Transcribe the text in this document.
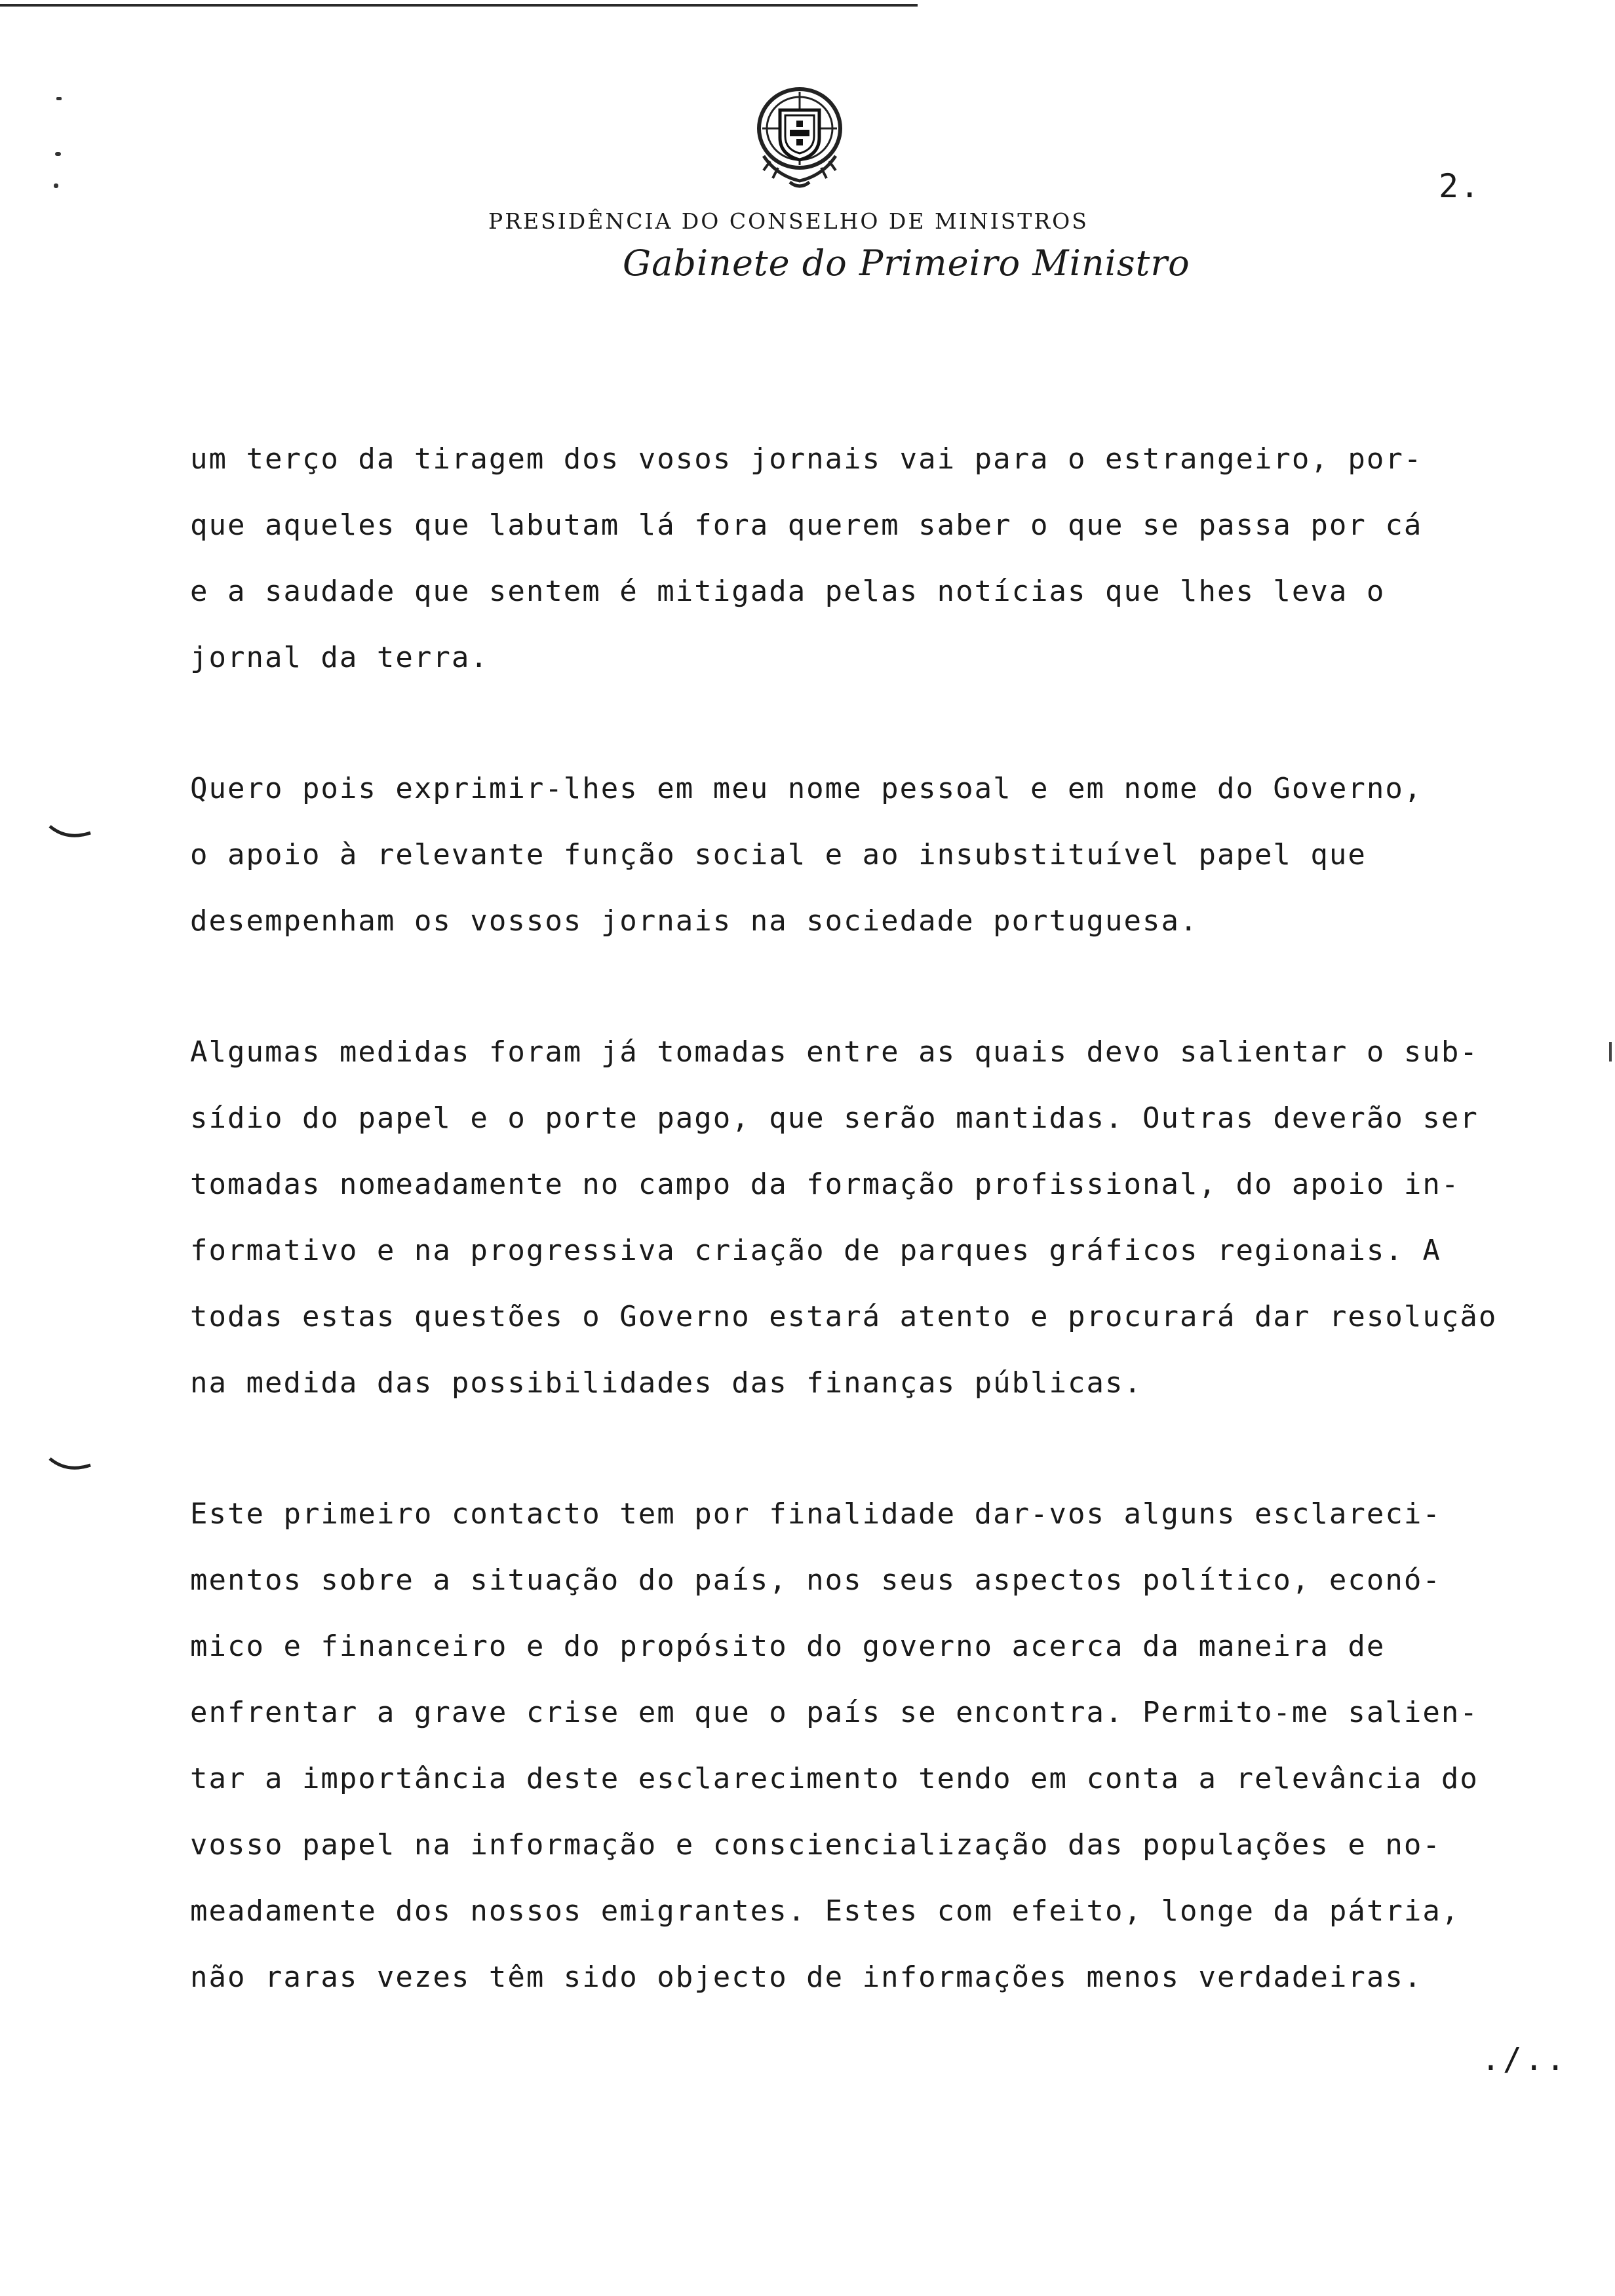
2.
PRESIDÊNCIA DO CONSELHO DE MINISTROS
Gabinete do Primeiro Ministro
um terço da tiragem dos vosos jornais vai para o estrangeiro, por-
que aqueles que labutam lá fora querem saber o que se passa por cá
e a saudade que sentem é mitigada pelas notícias que lhes leva o
jornal da terra.
Quero pois exprimir-lhes em meu nome pessoal e em nome do Governo,
o apoio à relevante função social e ao insubstituível papel que
desempenham os vossos jornais na sociedade portuguesa.
Algumas medidas foram já tomadas entre as quais devo salientar o sub-
sídio do papel e o porte pago, que serão mantidas. Outras deverão ser
tomadas nomeadamente no campo da formação profissional, do apoio in-
formativo e na progressiva criação de parques gráficos regionais. A
todas estas questões o Governo estará atento e procurará dar resolução
na medida das possibilidades das finanças públicas.
Este primeiro contacto tem por finalidade dar-vos alguns esclareci-
mentos sobre a situação do país, nos seus aspectos político, econó-
mico e financeiro e do propósito do governo acerca da maneira de
enfrentar a grave crise em que o país se encontra. Permito-me salien-
tar a importância deste esclarecimento tendo em conta a relevância do
vosso papel na informação e consciencialização das populações e no-
meadamente dos nossos emigrantes. Estes com efeito, longe da pátria,
não raras vezes têm sido objecto de informações menos verdadeiras.
./..
